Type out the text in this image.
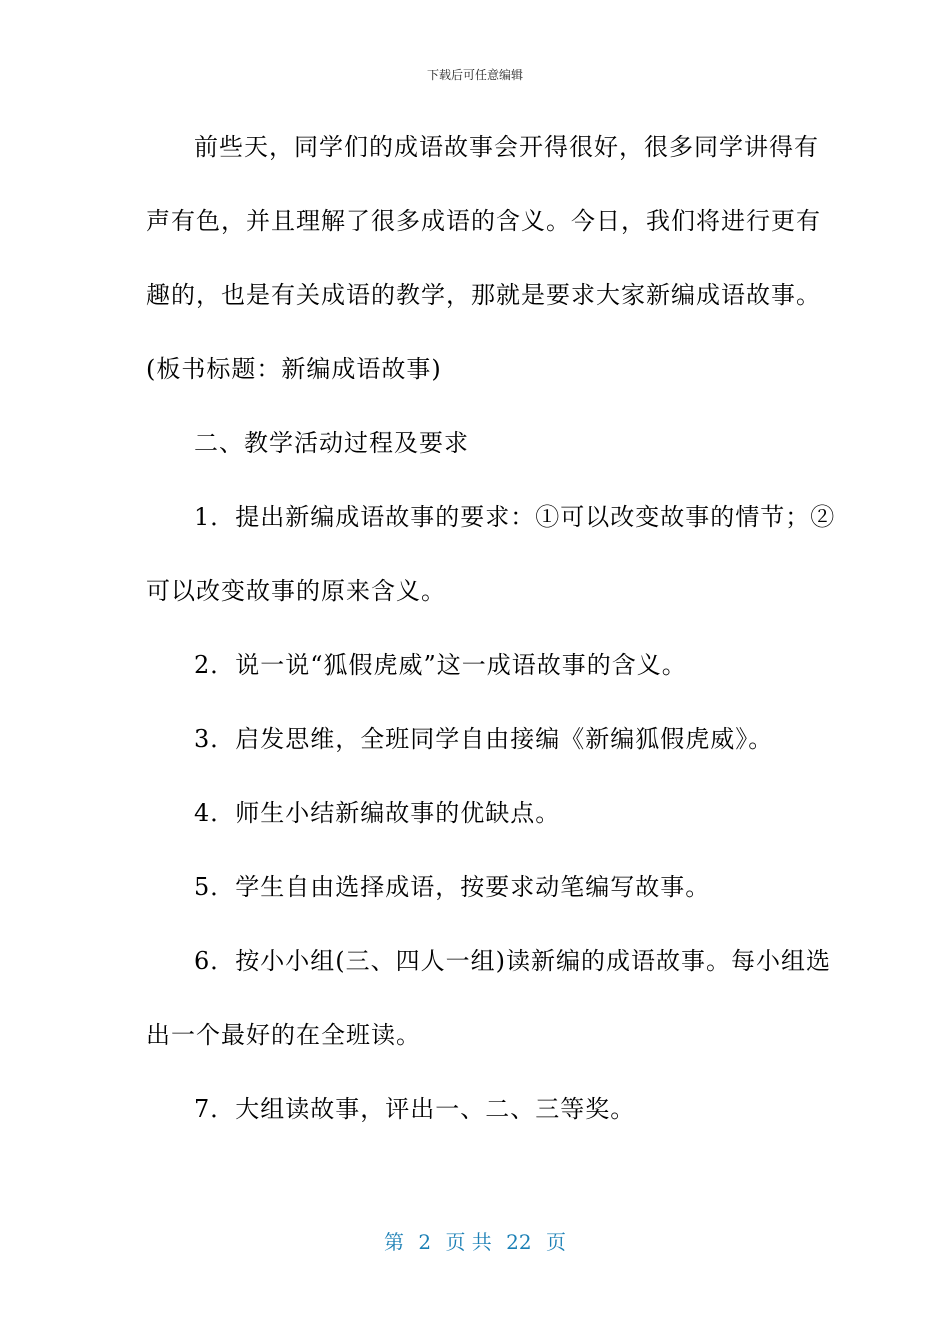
下载后可任意编辑
前些天，同学们的成语故事会开得很好，很多同学讲得有
声有色，并且理解了很多成语的含义。今日，我们将进行更有
趣的，也是有关成语的教学，那就是要求大家新编成语故事。
(板书标题：新编成语故事)
二、教学活动过程及要求
1．提出新编成语故事的要求：①可以改变故事的情节；②
可以改变故事的原来含义。
2．说一说“狐假虎威”这一成语故事的含义。
3．启发思维，全班同学自由接编《新编狐假虎威》。
4．师生小结新编故事的优缺点。
5．学生自由选择成语，按要求动笔编写故事。
6．按小小组(三、四人一组)读新编的成语故事。每小组选
出一个最好的在全班读。
7．大组读故事，评出一、二、三等奖。
第 2 页 共 22 页
